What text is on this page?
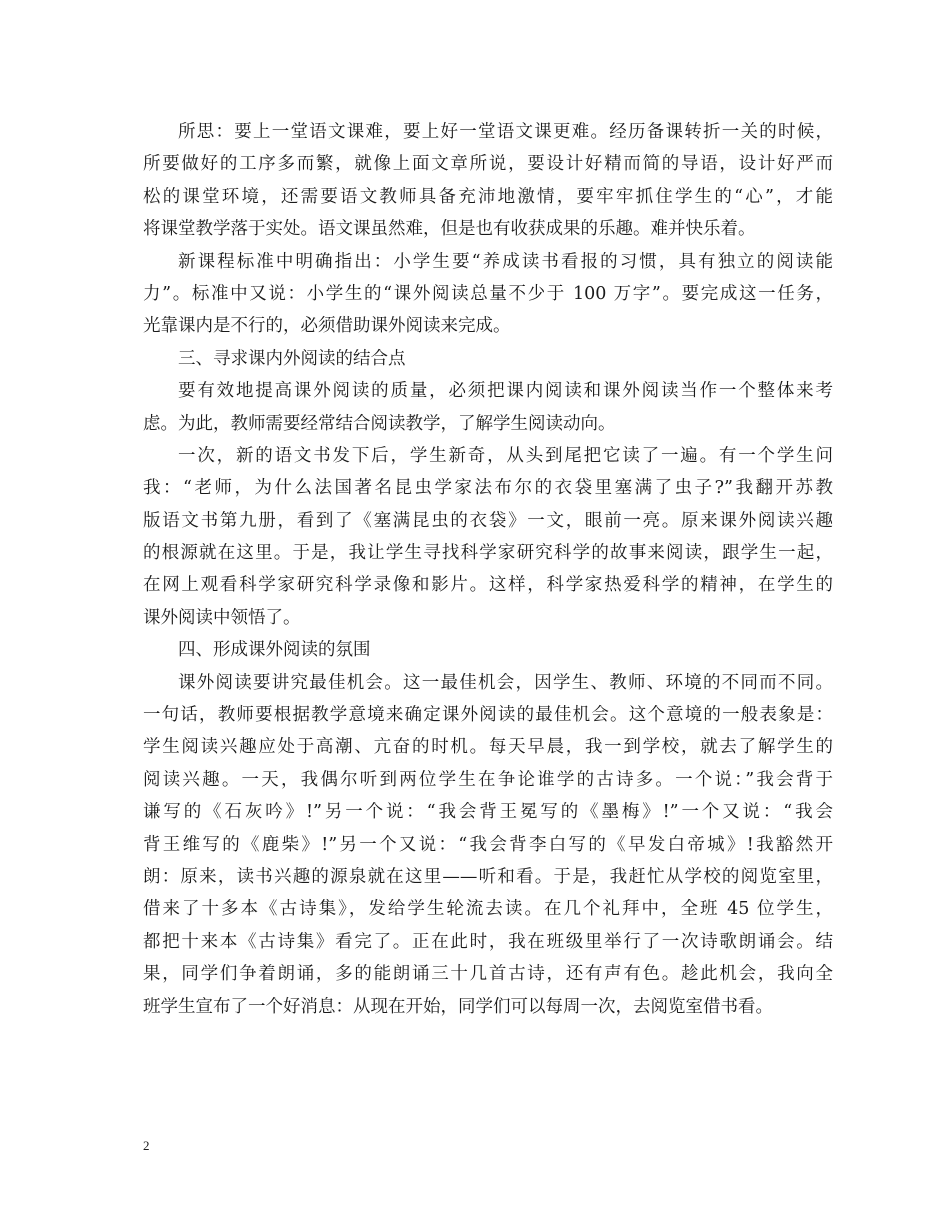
所思：要上一堂语文课难，要上好一堂语文课更难。经历备课转折一关的时候，
所要做好的工序多而繁，就像上面文章所说，要设计好精而简的导语，设计好严而
松的课堂环境，还需要语文教师具备充沛地激情，要牢牢抓住学生的“心”，才能
将课堂教学落于实处。语文课虽然难，但是也有收获成果的乐趣。难并快乐着。
新课程标准中明确指出：小学生要“养成读书看报的习惯，具有独立的阅读能
力”。标准中又说：小学生的“课外阅读总量不少于 100 万字”。要完成这一任务，
光靠课内是不行的，必须借助课外阅读来完成。
三、寻求课内外阅读的结合点
要有效地提高课外阅读的质量，必须把课内阅读和课外阅读当作一个整体来考
虑。为此，教师需要经常结合阅读教学，了解学生阅读动向。
一次，新的语文书发下后，学生新奇，从头到尾把它读了一遍。有一个学生问
我：“老师，为什么法国著名昆虫学家法布尔的衣袋里塞满了虫子?”我翻开苏教
版语文书第九册，看到了《塞满昆虫的衣袋》一文，眼前一亮。原来课外阅读兴趣
的根源就在这里。于是，我让学生寻找科学家研究科学的故事来阅读，跟学生一起，
在网上观看科学家研究科学录像和影片。这样，科学家热爱科学的精神，在学生的
课外阅读中领悟了。
四、形成课外阅读的氛围
课外阅读要讲究最佳机会。这一最佳机会，因学生、教师、环境的不同而不同。
一句话，教师要根据教学意境来确定课外阅读的最佳机会。这个意境的一般表象是：
学生阅读兴趣应处于高潮、亢奋的时机。每天早晨，我一到学校，就去了解学生的
阅读兴趣。一天，我偶尔听到两位学生在争论谁学的古诗多。一个说：”我会背于
谦写的《石灰吟》!”另一个说：“我会背王冕写的《墨梅》!”一个又说：“我会
背王维写的《鹿柴》!”另一个又说：“我会背李白写的《早发白帝城》!我豁然开
朗：原来，读书兴趣的源泉就在这里——听和看。于是，我赶忙从学校的阅览室里，
借来了十多本《古诗集》，发给学生轮流去读。在几个礼拜中，全班 45 位学生，
都把十来本《古诗集》看完了。正在此时，我在班级里举行了一次诗歌朗诵会。结
果，同学们争着朗诵，多的能朗诵三十几首古诗，还有声有色。趁此机会，我向全
班学生宣布了一个好消息：从现在开始，同学们可以每周一次，去阅览室借书看。
2
